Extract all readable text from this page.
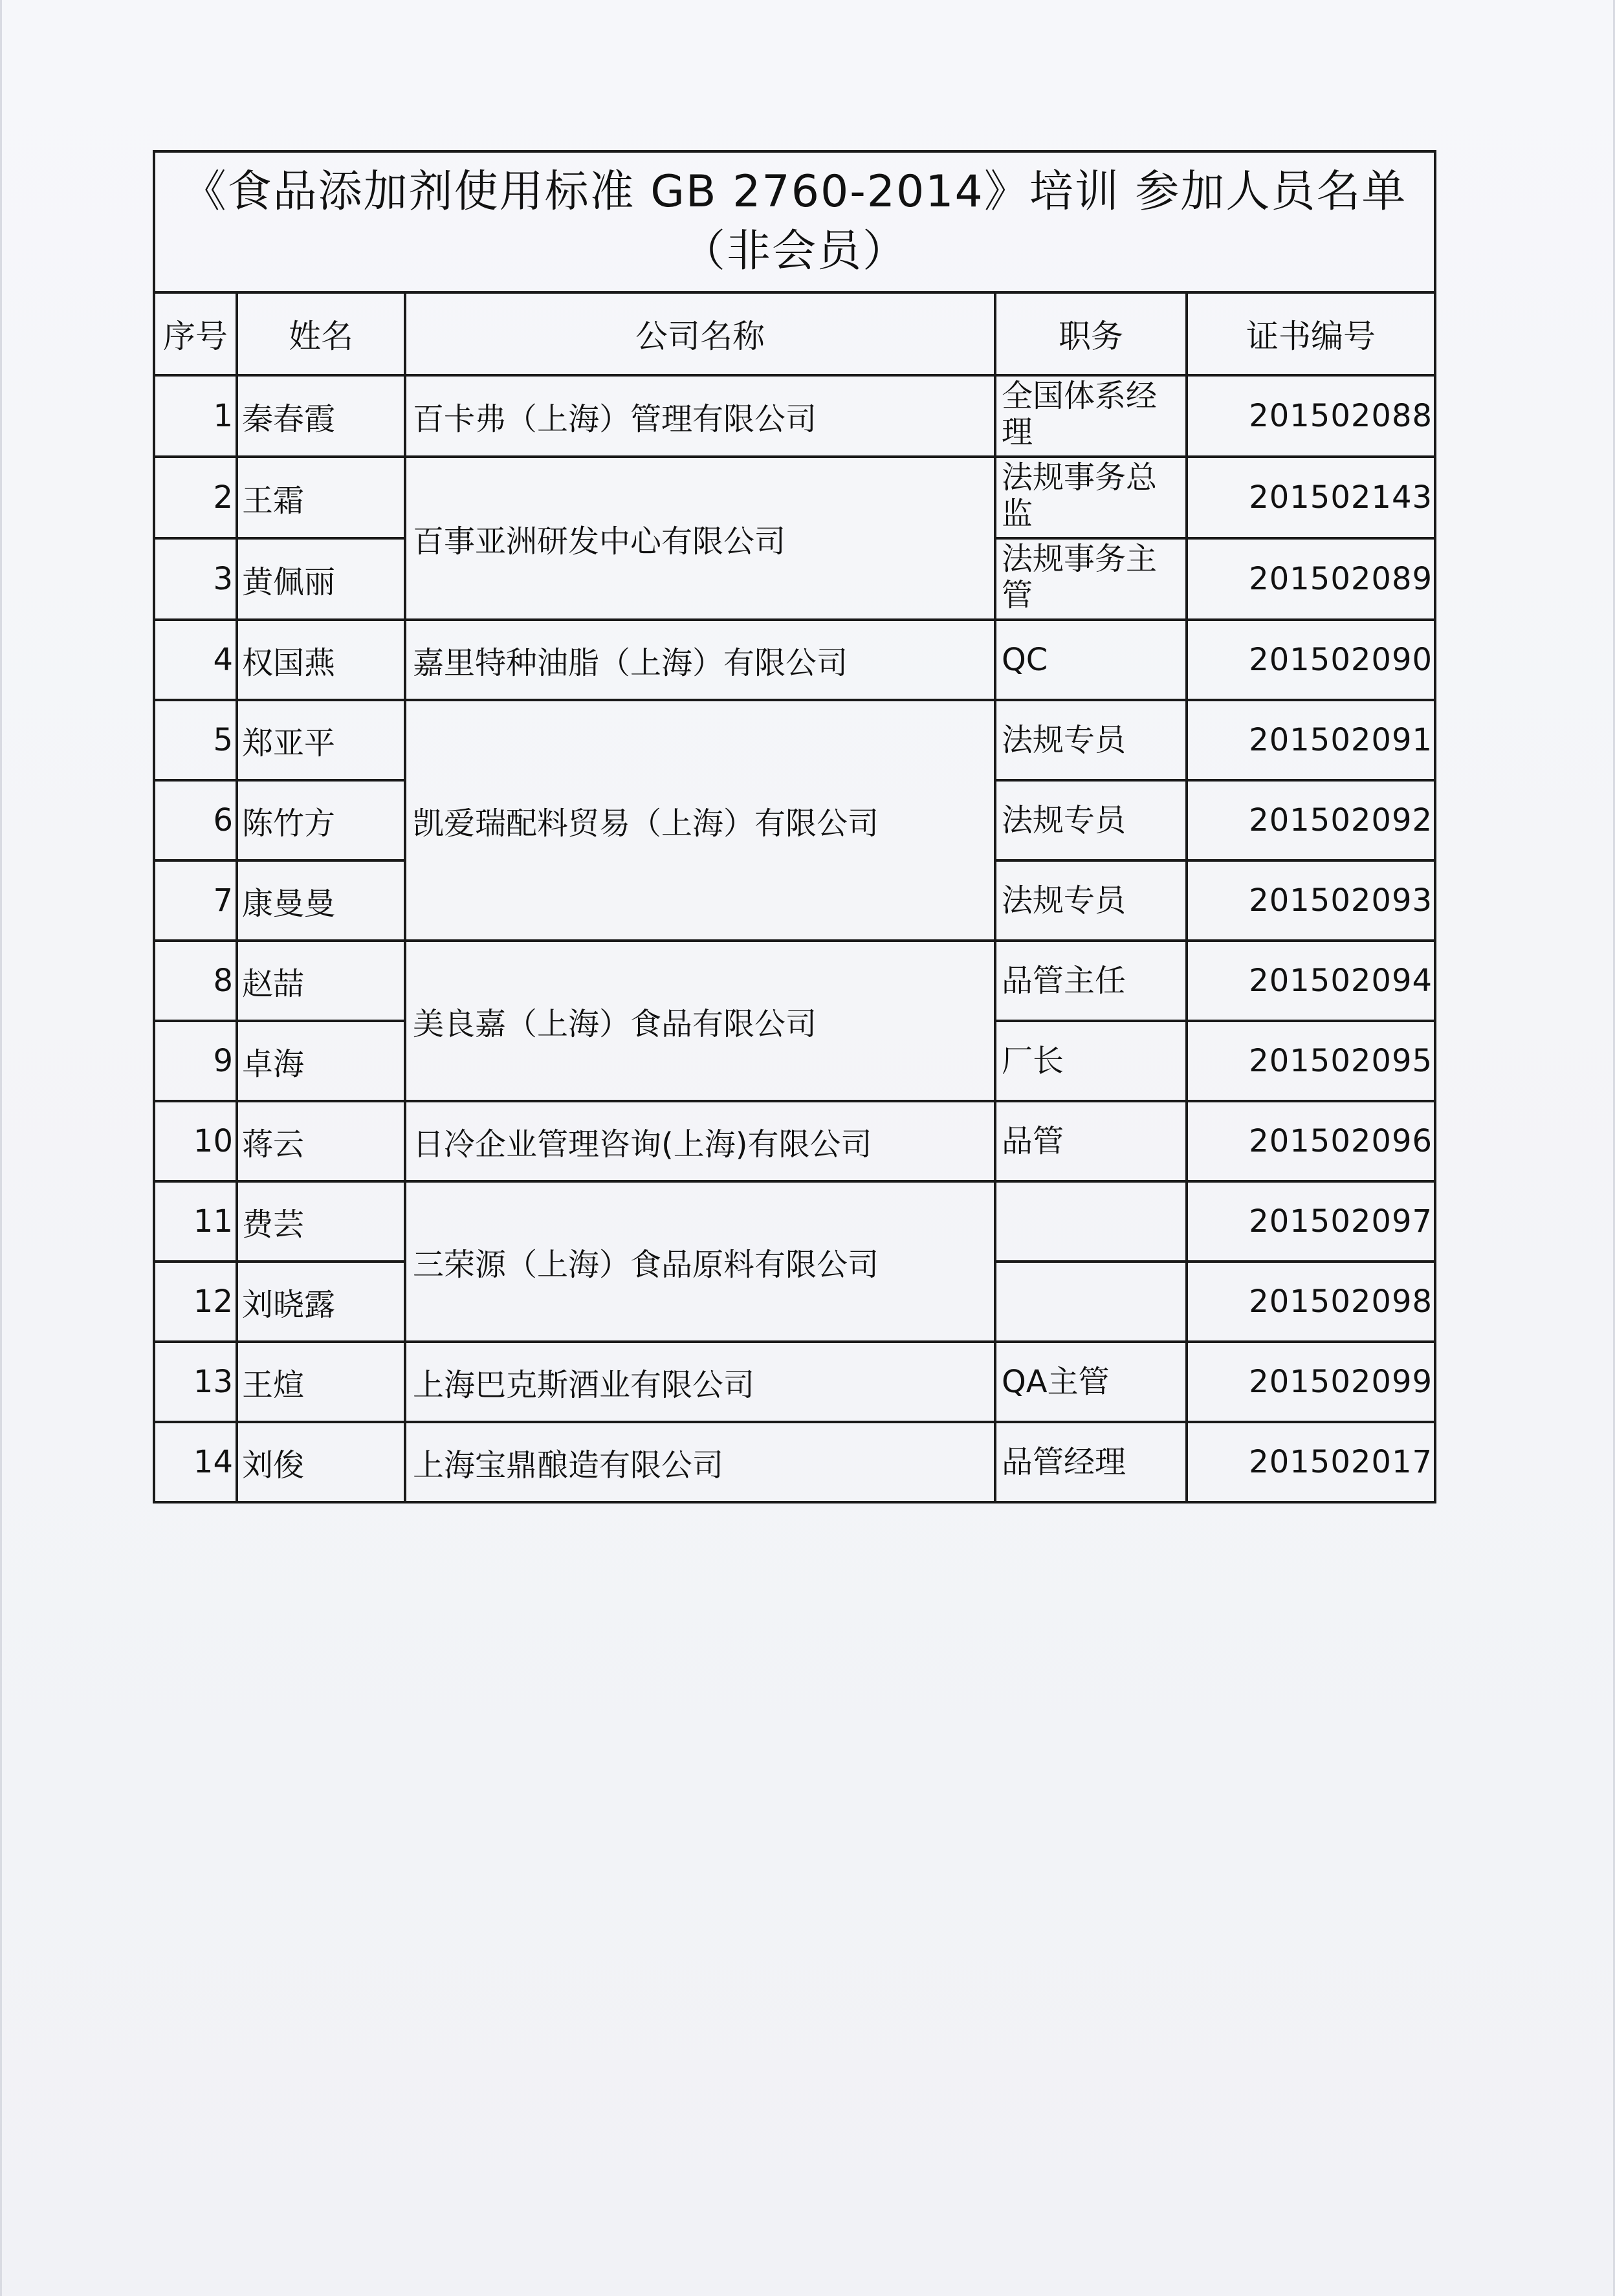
《食品添加剂使用标准 GB 2760-2014》培训 参加人员名单
（非会员）				

序号	姓名	公司名称	职务	证书编号
1	秦春霞	百卡弗（上海）管理有限公司	全国体系经理	201502088
2	王霜	百事亚洲研发中心有限公司	法规事务总监	201502143
3	黄佩丽		法规事务主管	201502089
4	权国燕	嘉里特种油脂（上海）有限公司	QC	201502090
5	郑亚平	凯爱瑞配料贸易（上海）有限公司	法规专员	201502091
6	陈竹方		法规专员	201502092
7	康曼曼		法规专员	201502093
8	赵喆	美良嘉（上海）食品有限公司	品管主任	201502094
9	卓海		厂长	201502095
10	蒋云	日冷企业管理咨询(上海)有限公司	品管	201502096
11	费芸	三荣源（上海）食品原料有限公司		201502097
12	刘晓露			201502098
13	王煊	上海巴克斯酒业有限公司	QA主管	201502099
14	刘俊	上海宝鼎酿造有限公司	品管经理	201502017
